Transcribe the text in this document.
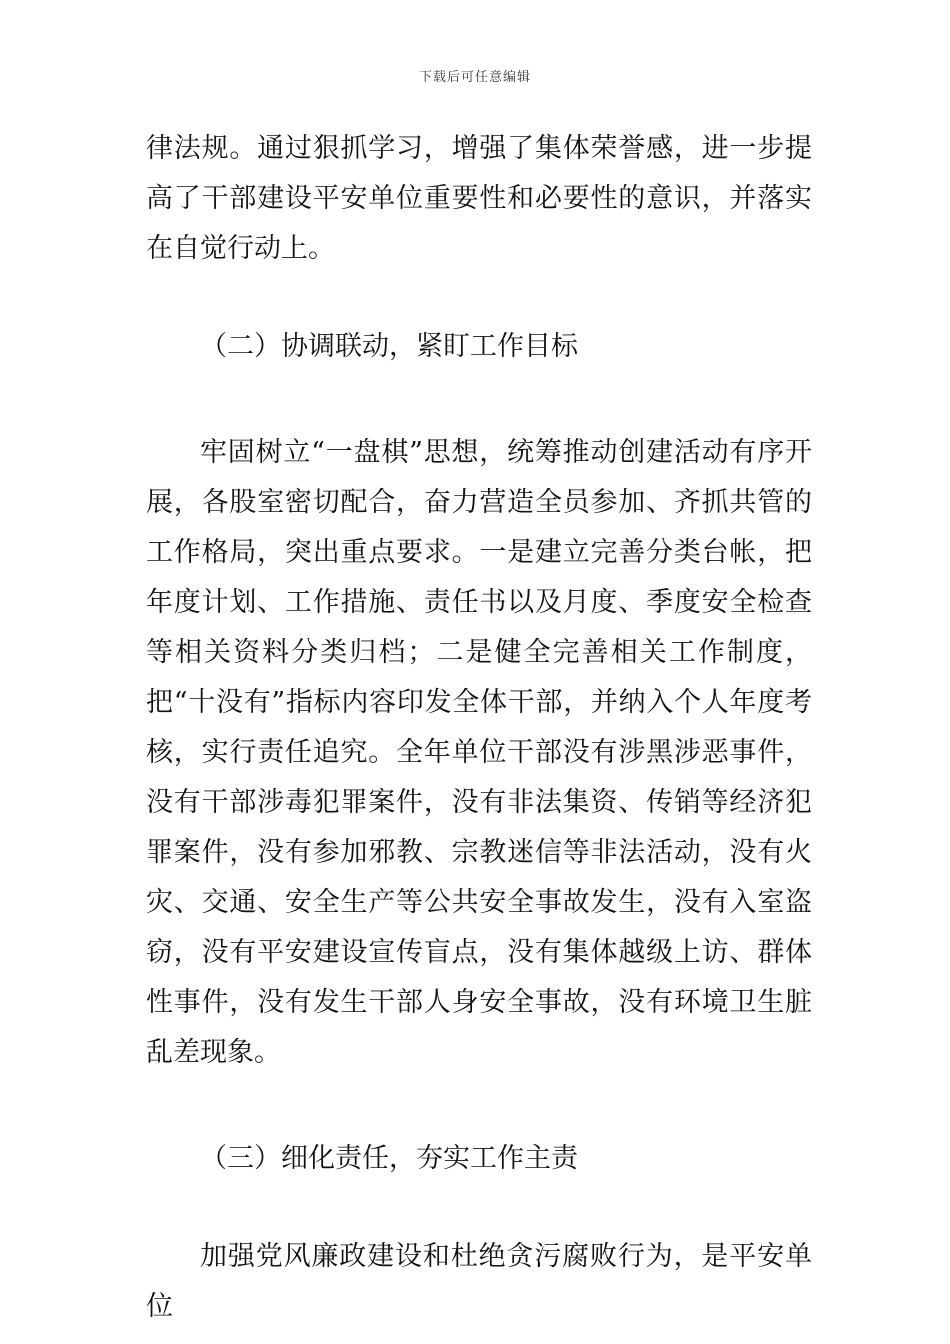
下载后可任意编辑

律法规。通过狠抓学习，增强了集体荣誉感，进一步提高了干部建设平安单位重要性和必要性的意识，并落实在自觉行动上。

（二）协调联动，紧盯工作目标

牢固树立“一盘棋”思想，统筹推动创建活动有序开展，各股室密切配合，奋力营造全员参加、齐抓共管的工作格局，突出重点要求。一是建立完善分类台帐，把年度计划、工作措施、责任书以及月度、季度安全检查等相关资料分类归档；二是健全完善相关工作制度，把“十没有”指标内容印发全体干部，并纳入个人年度考核，实行责任追究。全年单位干部没有涉黑涉恶事件，没有干部涉毒犯罪案件，没有非法集资、传销等经济犯罪案件，没有参加邪教、宗教迷信等非法活动，没有火灾、交通、安全生产等公共安全事故发生，没有入室盗窃，没有平安建设宣传盲点，没有集体越级上访、群体性事件，没有发生干部人身安全事故，没有环境卫生脏乱差现象。

（三）细化责任，夯实工作主责

加强党风廉政建设和杜绝贪污腐败行为，是平安单位
